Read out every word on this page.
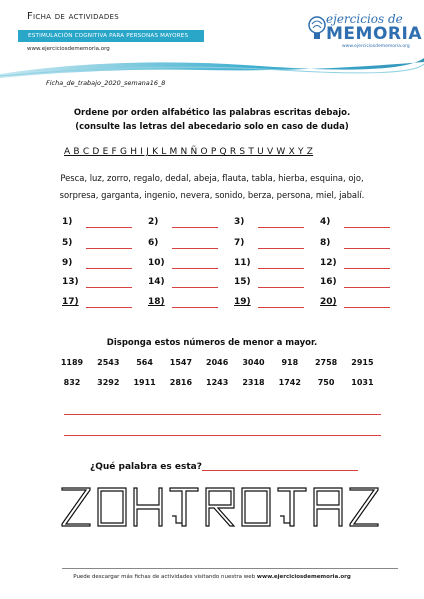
Ficha de actividades
ESTIMULACIÓN COGNITIVA PARA PERSONAS MAYORES
www.ejerciciosdememoria.org
ejercicios de
MEMORIA
www.ejerciciosdememoria.org
Ficha_de_trabajo_2020_semana16_8
Ordene por orden alfabético las palabras escritas debajo.
(consulte las letras del abecedario solo en caso de duda)
A B C D E F G H I J K L M N Ñ O P Q R S T U V W X Y Z
Pesca, luz, zorro, regalo, dedal, abeja, flauta, tabla, hierba, esquina, ojo,
sorpresa, garganta, ingenio, nevera, sonido, berza, persona, miel, jabalí.
1)	2)	3)	4)
5)	6)	7)	8)
9)	10)	11)	12)
13)	14)	15)	16)
17)	18)	19)	20)
Disponga estos números de menor a mayor.
1189	2543	564	1547	2046	3040	918	2758	2915
832	3292	1911	2816	1243	2318	1742	750	1031
¿Qué palabra es esta?
Puede descargar más fichas de actividades visitando nuestra web www.ejerciciosdememoria.org
